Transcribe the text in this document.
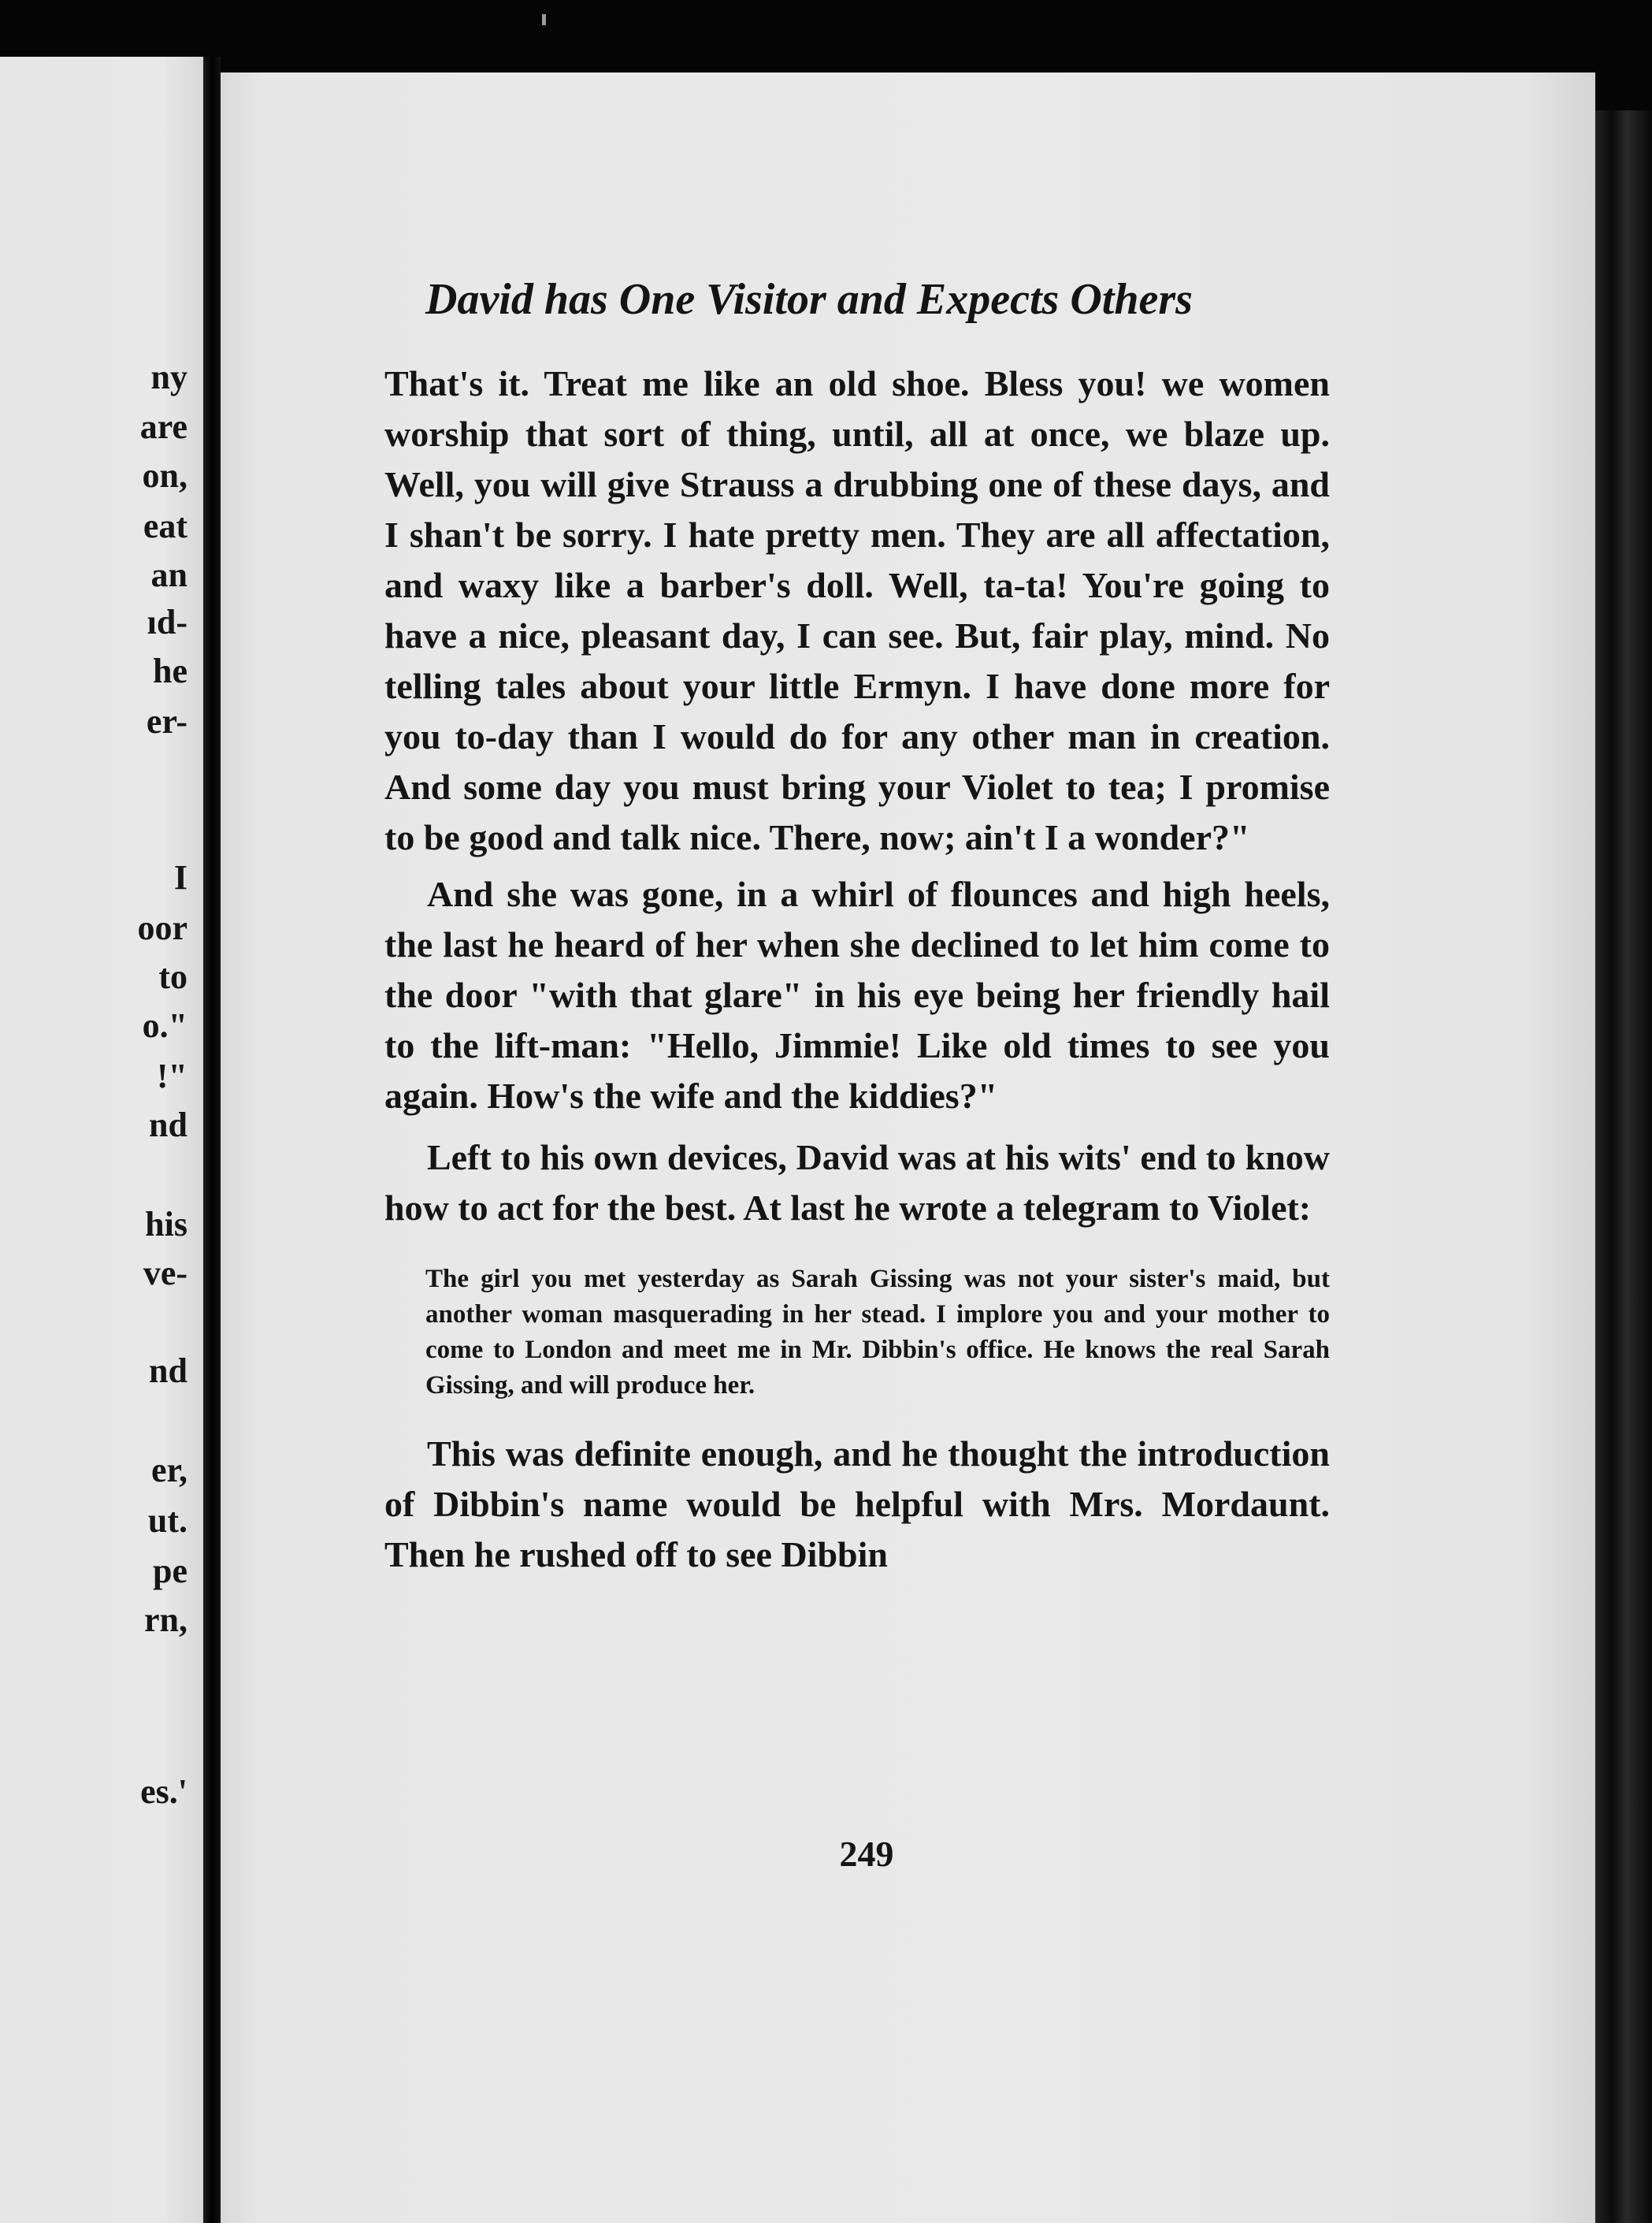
ny
are
on,
eat
an
ıd-
he
er-
I
oor
to
o."
!"
nd
his
ve-
nd
er,
ut.
pe
rn,
es.'
David has One Visitor and Expects Others

That's it. Treat me like an old shoe. Bless you! we women worship that sort of thing, until, all at once, we blaze up. Well, you will give Strauss a drubbing one of these days, and I shan't be sorry. I hate pretty men. They are all affectation, and waxy like a barber's doll. Well, ta-ta! You're going to have a nice, pleasant day, I can see. But, fair play, mind. No telling tales about your little Ermyn. I have done more for you to-day than I would do for any other man in creation. And some day you must bring your Violet to tea; I promise to be good and talk nice. There, now; ain't I a wonder?"

And she was gone, in a whirl of flounces and high heels, the last he heard of her when she declined to let him come to the door "with that glare" in his eye being her friendly hail to the lift-man: "Hello, Jimmie! Like old times to see you again. How's the wife and the kiddies?"

Left to his own devices, David was at his wits' end to know how to act for the best. At last he wrote a telegram to Violet:

The girl you met yesterday as Sarah Gissing was not your sister's maid, but another woman masquerading in her stead. I implore you and your mother to come to London and meet me in Mr. Dibbin's office. He knows the real Sarah Gissing, and will produce her.

This was definite enough, and he thought the introduction of Dibbin's name would be helpful with Mrs. Mordaunt. Then he rushed off to see Dibbin

249
